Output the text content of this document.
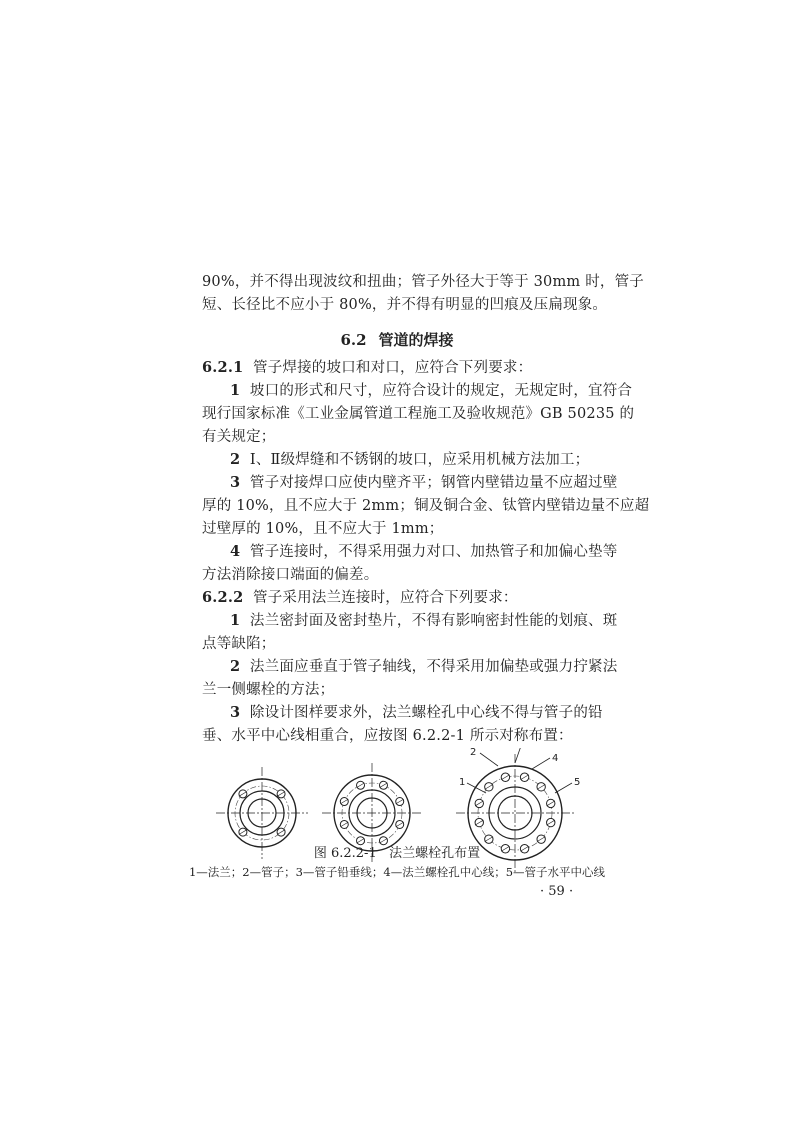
90%，并不得出现波纹和扭曲；管子外径大于等于 30mm 时，管子
短、长径比不应小于 80%，并不得有明显的凹痕及压扁现象。
6.2 管道的焊接
6.2.1 管子焊接的坡口和对口，应符合下列要求：
1 坡口的形式和尺寸，应符合设计的规定，无规定时，宜符合
现行国家标准《工业金属管道工程施工及验收规范》GB 50235 的
有关规定；
2 Ⅰ、Ⅱ级焊缝和不锈钢的坡口，应采用机械方法加工；
3 管子对接焊口应使内壁齐平；钢管内壁错边量不应超过壁
厚的 10%，且不应大于 2mm；铜及铜合金、钛管内壁错边量不应超
过壁厚的 10%，且不应大于 1mm；
4 管子连接时，不得采用强力对口、加热管子和加偏心垫等
方法消除接口端面的偏差。
6.2.2 管子采用法兰连接时，应符合下列要求：
1 法兰密封面及密封垫片，不得有影响密封性能的划痕、斑
点等缺陷；
2 法兰面应垂直于管子轴线，不得采用加偏垫或强力拧紧法
兰一侧螺栓的方法；
3 除设计图样要求外，法兰螺栓孔中心线不得与管子的铅
垂、水平中心线相重合，应按图 6.2.2-1 所示对称布置：
1
2
4
5
图 6.2.2-1 法兰螺栓孔布置
1—法兰；2—管子；3—管子铅垂线；4—法兰螺栓孔中心线；5—管子水平中心线
· 59 ·
